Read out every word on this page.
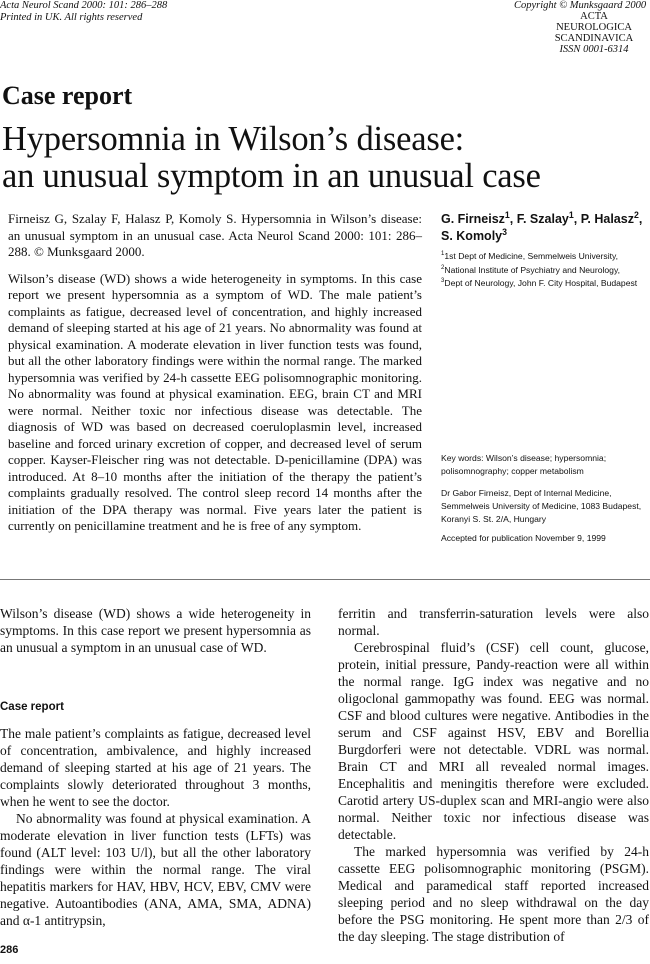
Acta Neurol Scand 2000: 101: 286–288
Printed in UK. All rights reserved
Copyright © Munksgaard 2000
ACTA NEUROLOGICA
SCANDINAVICA
ISSN 0001-6314
Case report
Hypersomnia in Wilson’s disease:
an unusual symptom in an unusual case

Firneisz G, Szalay F, Halasz P, Komoly S. Hypersomnia in Wilson’s disease: an unusual symptom in an unusual case. Acta Neurol Scand 2000: 101: 286–288. © Munksgaard 2000.

Wilson’s disease (WD) shows a wide heterogeneity in symptoms. In this case report we present hypersomnia as a symptom of WD. The male patient’s complaints as fatigue, decreased level of concentration, and highly increased demand of sleeping started at his age of 21 years. No abnormality was found at physical examination. A moderate elevation in liver function tests was found, but all the other laboratory findings were within the normal range. The marked hypersomnia was verified by 24-h cassette EEG polisomnographic monitoring. No abnormality was found at physical examination. EEG, brain CT and MRI were normal. Neither toxic nor infectious disease was detectable. The diagnosis of WD was based on decreased coeruloplasmin level, increased baseline and forced urinary excretion of copper, and decreased level of serum copper. Kayser-Fleischer ring was not detectable. D-penicillamine (DPA) was introduced. At 8–10 months after the initiation of the therapy the patient’s complaints gradually resolved. The control sleep record 14 months after the initiation of the DPA therapy was normal. Five years later the patient is currently on penicillamine treatment and he is free of any symptom.

G. Firneisz$^1$, F. Szalay$^1$, P. Halasz$^2$, S. Komoly$^3$
$^1$1st Dept of Medicine, Semmelweis University,
$^2$National Institute of Psychiatry and Neurology,
$^3$Dept of Neurology, John F. City Hospital, Budapest
Key words: Wilson’s disease; hypersomnia; polisomnography; copper metabolism
Dr Gabor Firneisz, Dept of Internal Medicine, Semmelweis University of Medicine, 1083 Budapest, Koranyi S. St. 2/A, Hungary
Accepted for publication November 9, 1999

Wilson’s disease (WD) shows a wide heterogeneity in symptoms. In this case report we present hypersomnia as an unusual a symptom in an unusual case of WD.

Case report

The male patient’s complaints as fatigue, decreased level of concentration, ambivalence, and highly increased demand of sleeping started at his age of 21 years. The complaints slowly deteriorated throughout 3 months, when he went to see the doctor.

No abnormality was found at physical examination. A moderate elevation in liver function tests (LFTs) was found (ALT level: 103 U/l), but all the other laboratory findings were within the normal range. The viral hepatitis markers for HAV, HBV, HCV, EBV, CMV were negative. Autoantibodies (ANA, AMA, SMA, ADNA) and α-1 antitrypsin,

ferritin and transferrin-saturation levels were also normal.

Cerebrospinal fluid’s (CSF) cell count, glucose, protein, initial pressure, Pandy-reaction were all within the normal range. IgG index was negative and no oligoclonal gammopathy was found. EEG was normal. CSF and blood cultures were negative. Antibodies in the serum and CSF against HSV, EBV and Borellia Burgdorferi were not detectable. VDRL was normal. Brain CT and MRI all revealed normal images. Encephalitis and meningitis therefore were excluded. Carotid artery US-duplex scan and MRI-angio were also normal. Neither toxic nor infectious disease was detectable.

The marked hypersomnia was verified by 24-h cassette EEG polisomnographic monitoring (PSGM). Medical and paramedical staff reported increased sleeping period and no sleep withdrawal on the day before the PSG monitoring. He spent more than 2/3 of the day sleeping. The stage distribution of

286
